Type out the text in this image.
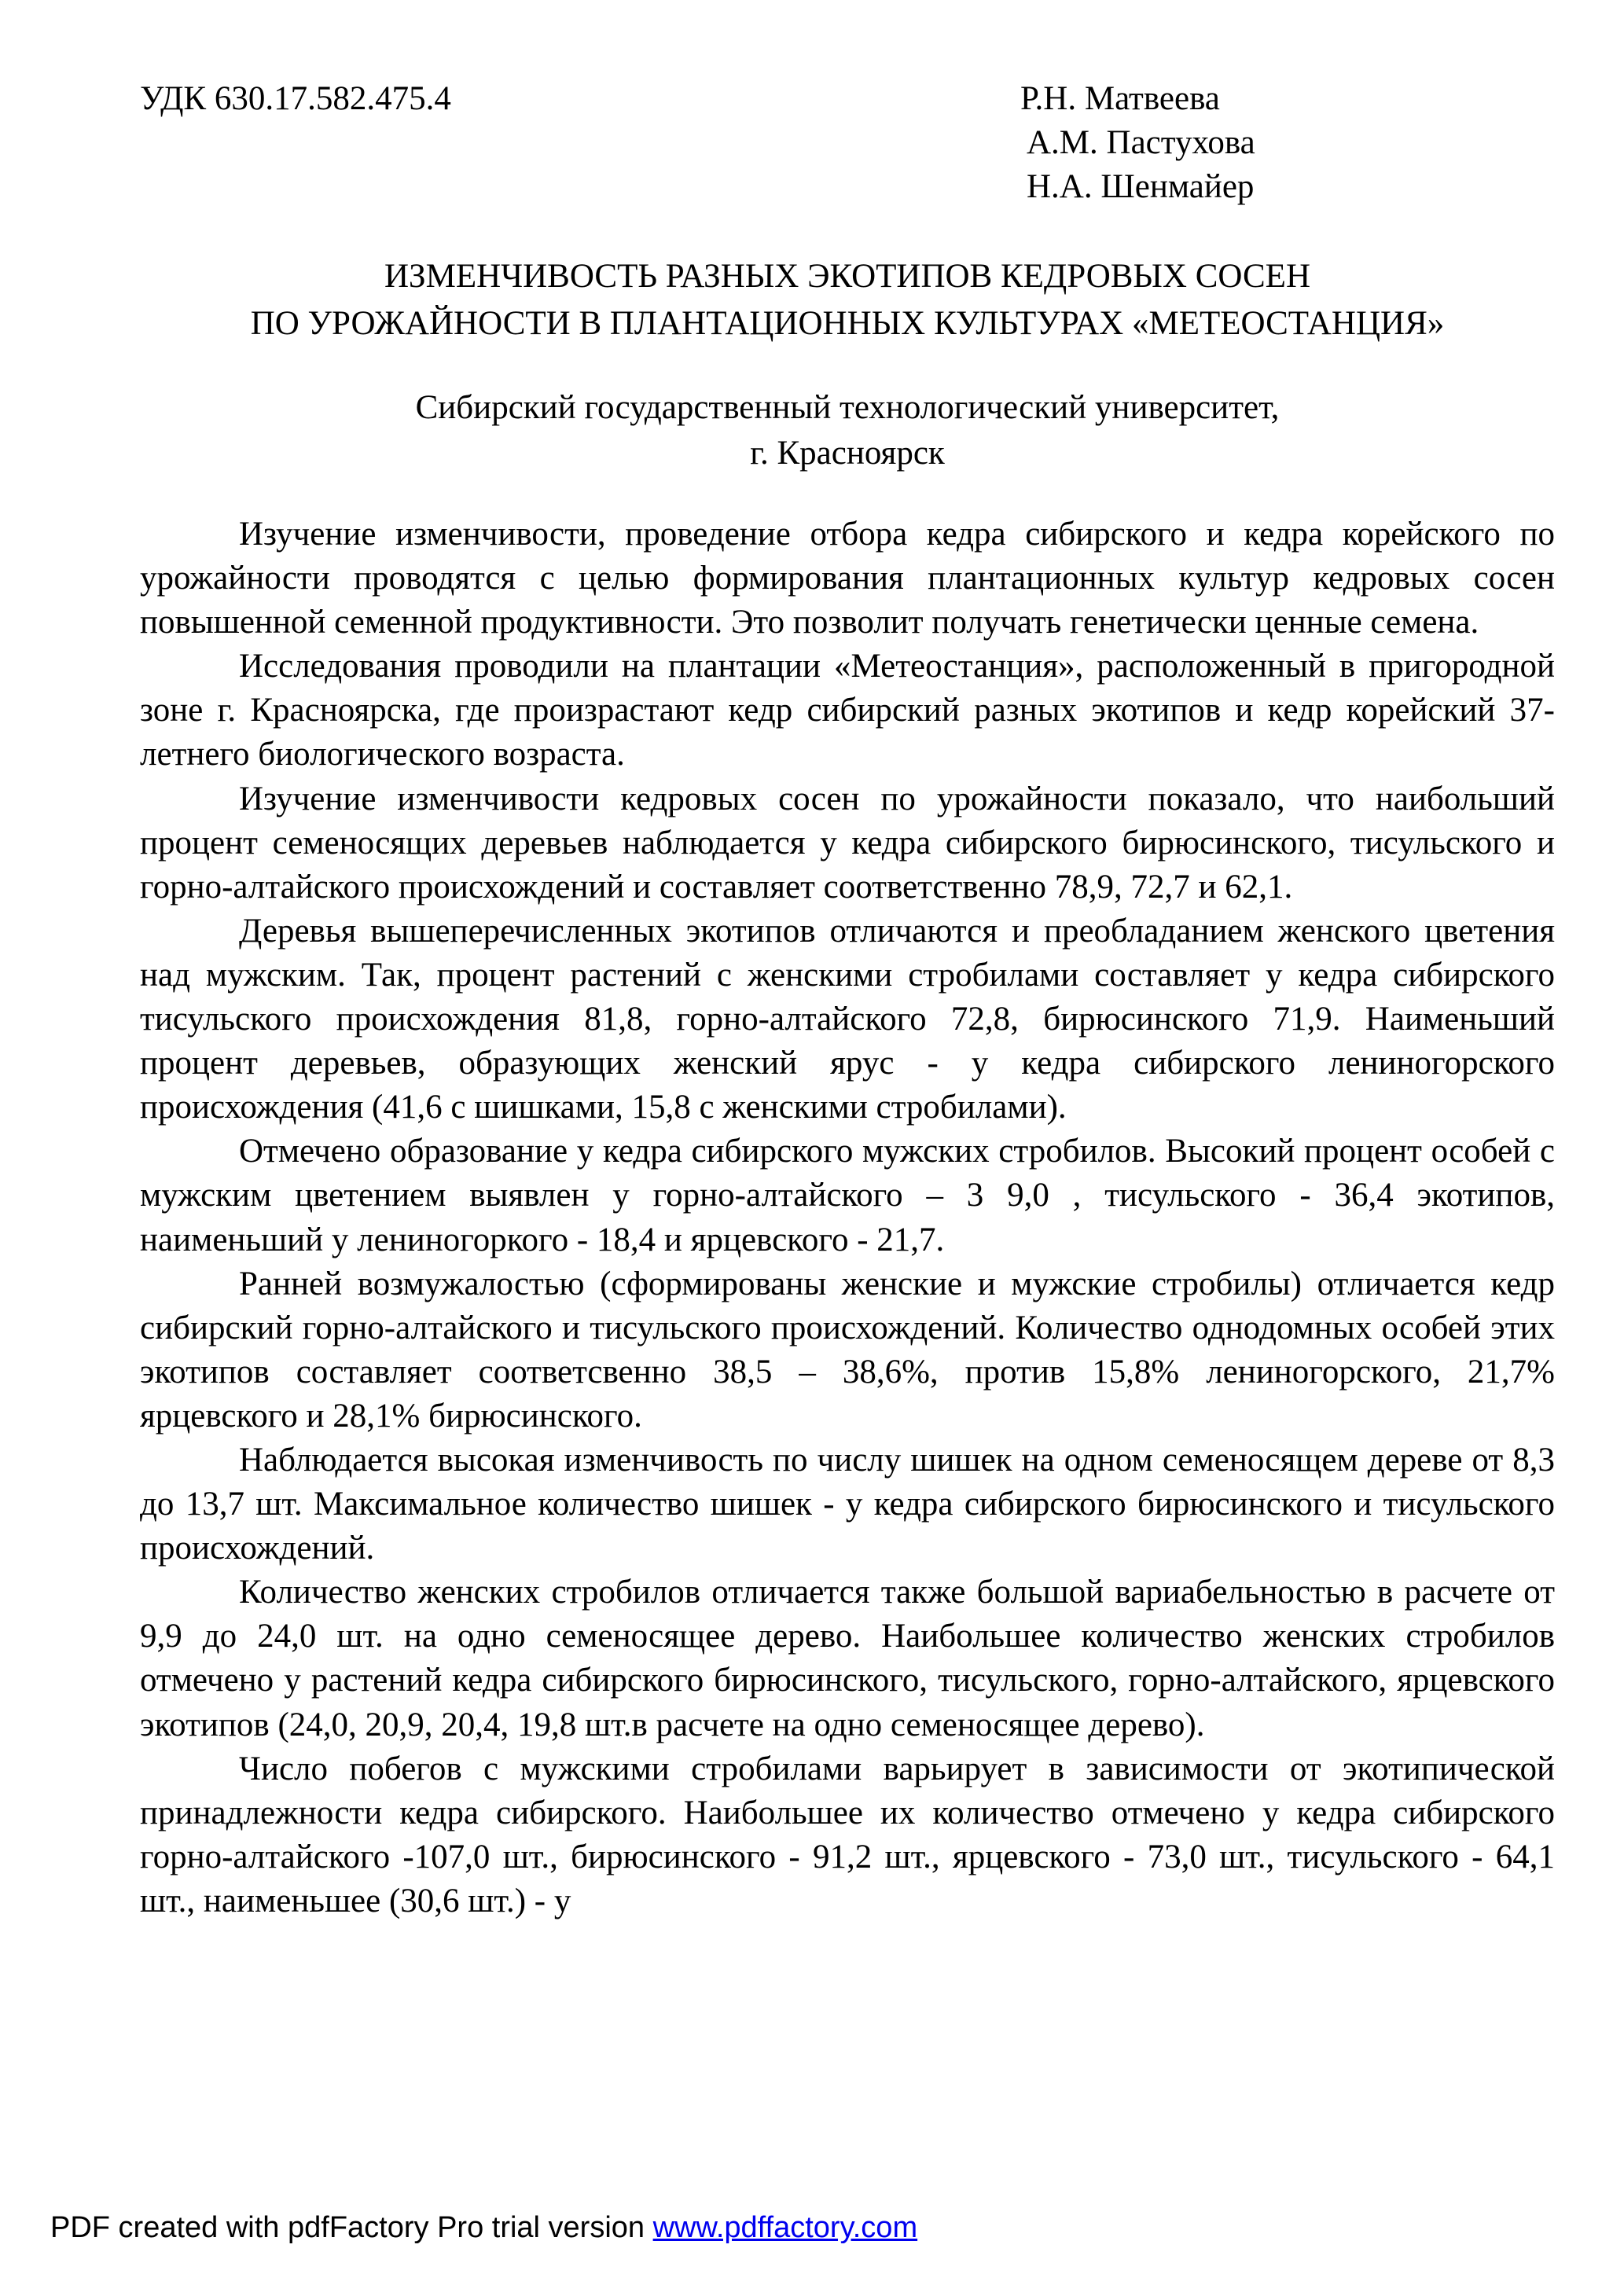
УДК 630.17.582.475.4	Р.Н. Матвеева
А.М. Пастухова
Н.А. Шенмайер
ИЗМЕНЧИВОСТЬ РАЗНЫХ ЭКОТИПОВ КЕДРОВЫХ СОСЕН
ПО УРОЖАЙНОСТИ В ПЛАНТАЦИОННЫХ КУЛЬТУРАХ «МЕТЕОСТАНЦИЯ»
Сибирский государственный технологический университет,
г. Красноярск

Изучение изменчивости, проведение отбора кедра сибирского и кедра корейского по урожайности проводятся с целью формирования плантационных культур кедровых сосен повышенной семенной продуктивности. Это позволит получать генетически ценные семена.

Исследования проводили на плантации «Метеостанция», расположенный в пригородной зоне г. Красноярска, где произрастают кедр сибирский разных экотипов и кедр корейский 37-летнего биологического возраста.

Изучение изменчивости кедровых сосен по урожайности показало, что наибольший процент семеносящих деревьев наблюдается у кедра сибирского бирюсинского, тисульского и горно-алтайского происхождений и составляет соответственно 78,9, 72,7 и 62,1.

Деревья вышеперечисленных экотипов отличаются и преобладанием женского цветения над мужским. Так, процент растений с женскими стробилами составляет у кедра сибирского тисульского происхождения 81,8, горно-алтайского 72,8, бирюсинского 71,9. Наименьший процент деревьев, образующих женский ярус - у кедра сибирского лениногорского происхождения (41,6 с шишками, 15,8 с женскими стробилами).

Отмечено образование у кедра сибирского мужских стробилов. Высокий процент особей с мужским цветением выявлен у горно-алтайского – 3 9,0 , тисульского - 36,4 экотипов, наименьший у лениногоркого - 18,4 и ярцевского - 21,7.

Ранней возмужалостью (сформированы женские и мужские стробилы) отличается кедр сибирский горно-алтайского и тисульского происхождений. Количество однодомных особей этих экотипов составляет соответсвенно 38,5 – 38,6%, против 15,8% лениногорского, 21,7% ярцевского и 28,1% бирюсинского.

Наблюдается высокая изменчивость по числу шишек на одном семеносящем дереве от 8,3 до 13,7 шт. Максимальное количество шишек - у кедра сибирского бирюсинского и тисульского происхождений.

Количество женских стробилов отличается также большой вариабельностью в расчете от 9,9 до 24,0 шт. на одно семеносящее дерево. Наибольшее количество женских стробилов отмечено у растений кедра сибирского бирюсинского, тисульского, горно-алтайского, ярцевского экотипов (24,0, 20,9, 20,4, 19,8 шт.в расчете на одно семеносящее дерево).

Число побегов с мужскими стробилами варьирует в зависимости от экотипической принадлежности кедра сибирского. Наибольшее их количество отмечено у кедра сибирского горно-алтайского -107,0 шт., бирюсинского - 91,2 шт., ярцевского - 73,0 шт., тисульского - 64,1 шт., наименьшее (30,6 шт.) - у

PDF created with pdfFactory Pro trial version www.pdffactory.com
